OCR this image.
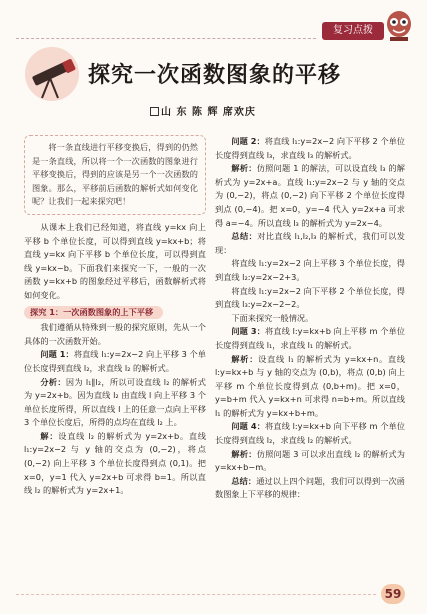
复习点拨
探究一次函数图象的平移
山 东 陈 辉 席欢庆

将一条直线进行平移变换后，得到的仍然是一条直线，所以将一个一次函数的图象进行平移变换后，得到的应该是另一个一次函数的图象。那么，平移前后函数的解析式如何变化呢？让我们一起来探究吧！

从课本上我们已经知道，将直线 y=kx 向上平移 b 个单位长度，可以得到直线 y=kx+b；将直线 y=kx 向下平移 b 个单位长度，可以得到直线 y=kx−b。下面我们来探究一下，一般的一次函数 y=kx+b 的图象经过平移后，函数解析式将如何变化。

探究 1：一次函数图象的上下平移

我们遵循从特殊到一般的探究原则，先从一个具体的一次函数开始。

问题 1：将直线 l₁:y=2x−2 向上平移 3 个单位长度得到直线 l₂，求直线 l₂ 的解析式。

分析：因为 l₁∥l₂，所以可设直线 l₂ 的解析式为 y=2x+b。因为直线 l₂ 由直线 l 向上平移 3 个单位长度所得，所以直线 l 上的任意一点向上平移 3 个单位长度后，所得的点均在直线 l₂ 上。

解：设直线 l₂ 的解析式为 y=2x+b。直线 l₁:y=2x−2 与 y 轴的交点为 (0,−2)，将点 (0,−2) 向上平移 3 个单位长度得到点 (0,1)。把 x=0，y=1 代入 y=2x+b 可求得 b=1。所以直线 l₂ 的解析式为 y=2x+1。

问题 2：将直线 l₁:y=2x−2 向下平移 2 个单位长度得到直线 l₃，求直线 l₃ 的解析式。

解析：仿照问题 1 的解法，可以设直线 l₃ 的解析式为 y=2x+a。直线 l₁:y=2x−2 与 y 轴的交点为 (0,−2)，将点 (0,−2) 向下平移 2 个单位长度得到点 (0,−4)。把 x=0，y=−4 代入 y=2x+a 可求得 a=−4。所以直线 l₃ 的解析式为 y=2x−4。

总结：对比直线 l₁,l₂,l₃ 的解析式，我们可以发现：

将直线 l₁:y=2x−2 向上平移 3 个单位长度，得到直线 l₂:y=2x−2+3。

将直线 l₁:y=2x−2 向下平移 2 个单位长度，得到直线 l₃:y=2x−2−2。

下面来探究一般情况。

问题 3：将直线 l:y=kx+b 向上平移 m 个单位长度得到直线 l₁，求直线 l₁ 的解析式。

解析：设直线 l₁ 的解析式为 y=kx+n。直线 l:y=kx+b 与 y 轴的交点为 (0,b)，将点 (0,b) 向上平移 m 个单位长度得到点 (0,b+m)。把 x=0，y=b+m 代入 y=kx+n 可求得 n=b+m。所以直线 l₁ 的解析式为 y=kx+b+m。

问题 4：将直线 l:y=kx+b 向下平移 m 个单位长度得到直线 l₂，求直线 l₂ 的解析式。

解析：仿照问题 3 可以求出直线 l₂ 的解析式为 y=kx+b−m。

总结：通过以上四个问题，我们可以得到一次函数图象上下平移的规律：

59
